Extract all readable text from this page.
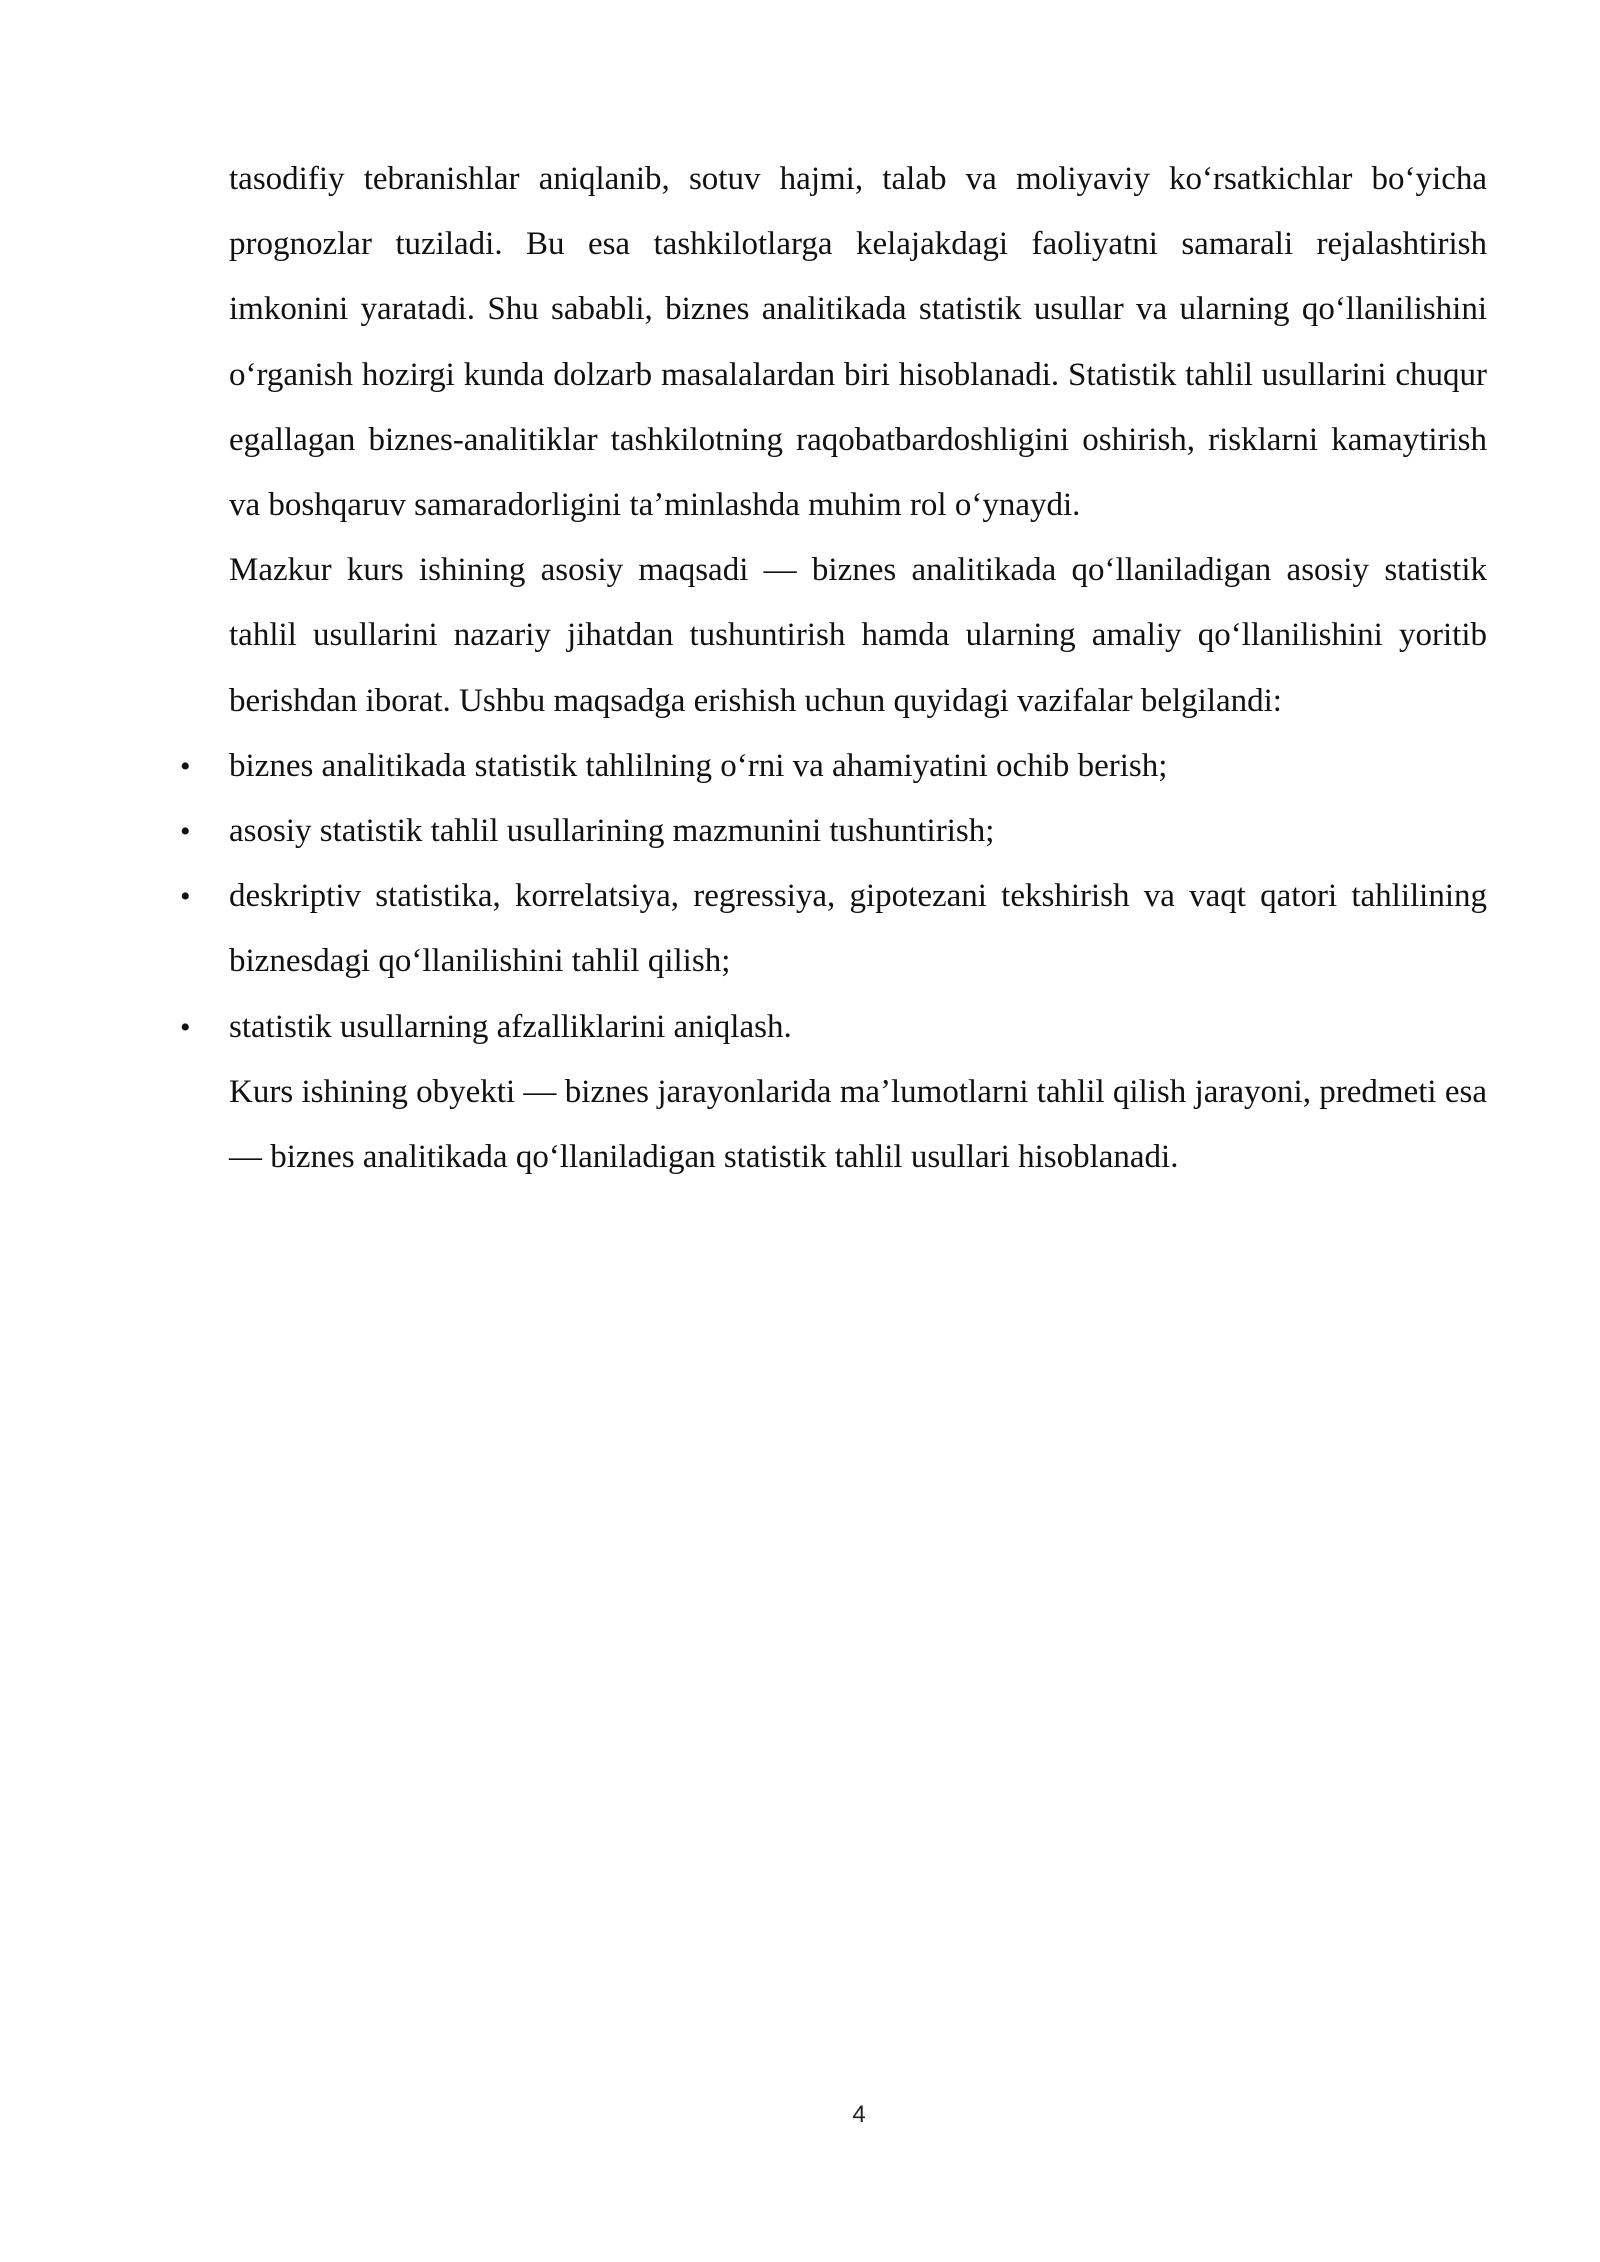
tasodifiy tebranishlar aniqlanib, sotuv hajmi, talab va moliyaviy koʻrsatkichlar boʻyicha prognozlar tuziladi. Bu esa tashkilotlarga kelajakdagi faoliyatni samarali rejalashtirish imkonini yaratadi. Shu sababli, biznes analitikada statistik usullar va ularning qoʻllanilishini oʻrganish hozirgi kunda dolzarb masalalardan biri hisoblanadi. Statistik tahlil usullarini chuqur egallagan biznes-analitiklar tashkilotning raqobatbardoshligini oshirish, risklarni kamaytirish va boshqaruv samaradorligini taʼminlashda muhim rol oʻynaydi.

Mazkur kurs ishining asosiy maqsadi — biznes analitikada qoʻllaniladigan asosiy statistik tahlil usullarini nazariy jihatdan tushuntirish hamda ularning amaliy qoʻllanilishini yoritib berishdan iborat. Ushbu maqsadga erishish uchun quyidagi vazifalar belgilandi:

• biznes analitikada statistik tahlilning oʻrni va ahamiyatini ochib berish;
• asosiy statistik tahlil usullarining mazmunini tushuntirish;
• deskriptiv statistika, korrelatsiya, regressiya, gipotezani tekshirish va vaqt qatori tahlilining biznesdagi qoʻllanilishini tahlil qilish;
• statistik usullarning afzalliklarini aniqlash.

Kurs ishining obyekti — biznes jarayonlarida maʼlumotlarni tahlil qilish jarayoni, predmeti esa — biznes analitikada qoʻllaniladigan statistik tahlil usullari hisoblanadi.

4
